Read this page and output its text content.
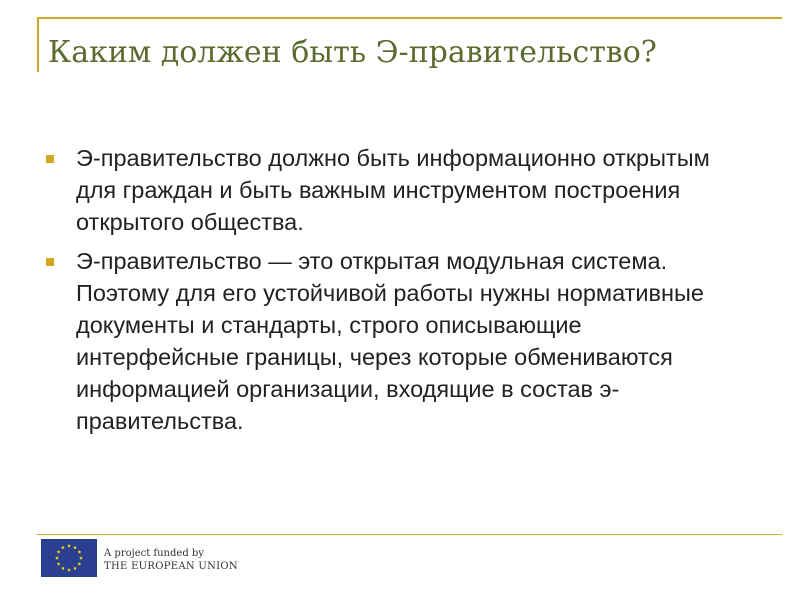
Каким должен быть Э-правительство?
Э-правительство должно быть информационно открытым для граждан и быть важным инструментом построения открытого общества.
Э-правительство — это открытая модульная система. Поэтому для его устойчивой работы нужны нормативные документы и стандарты, строго описывающие интерфейсные границы, через которые обмениваются информацией организации, входящие в состав э-правительства.
A project funded by
THE EUROPEAN UNION
